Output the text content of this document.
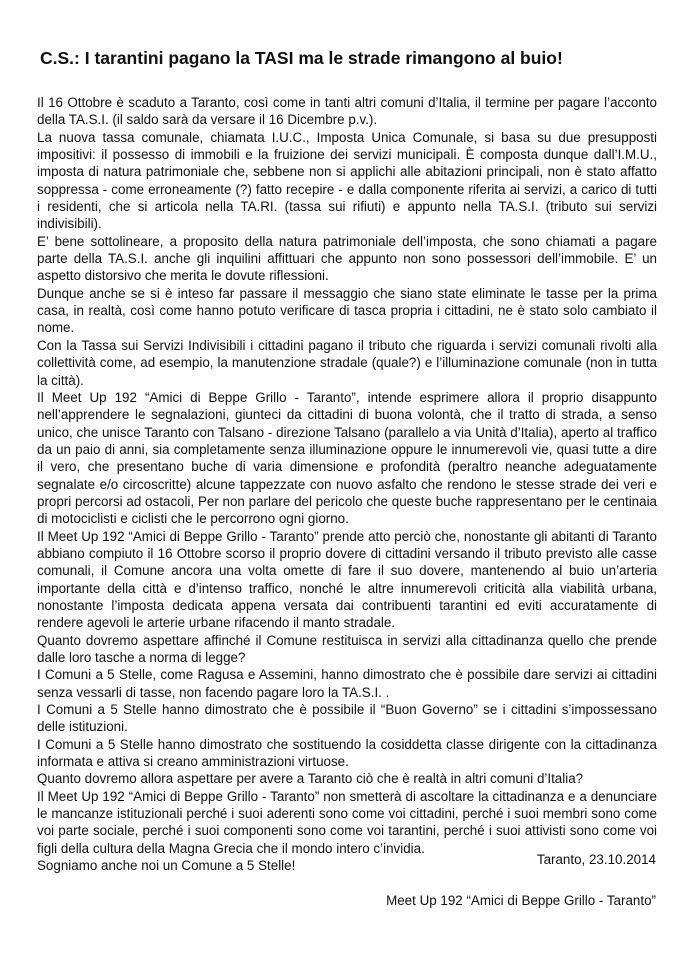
C.S.: I tarantini pagano la TASI ma le strade rimangono al buio!

Il 16 Ottobre è scaduto a Taranto, così come in tanti altri comuni d’Italia, il termine per pagare l’acconto della TA.S.I. (il saldo sarà da versare il 16 Dicembre p.v.).

La nuova tassa comunale, chiamata I.U.C., Imposta Unica Comunale, si basa su due presupposti impositivi: il possesso di immobili e la fruizione dei servizi municipali. È composta dunque dall’I.M.U., imposta di natura patrimoniale che, sebbene non si applichi alle abitazioni principali, non è stato affatto soppressa - come erroneamente (?) fatto recepire - e dalla componente riferita ai servizi, a carico di tutti i residenti, che si articola nella TA.RI. (tassa sui rifiuti) e appunto nella TA.S.I. (tributo sui servizi indivisibili).

E’ bene sottolineare, a proposito della natura patrimoniale dell’imposta, che sono chiamati a pagare parte della TA.S.I. anche gli inquilini affittuari che appunto non sono possessori dell’immobile. E’ un aspetto distorsivo che merita le dovute riflessioni.

Dunque anche se si è inteso far passare il messaggio che siano state eliminate le tasse per la prima casa, in realtà, così come hanno potuto verificare di tasca propria i cittadini, ne è stato solo cambiato il nome.

Con la Tassa sui Servizi Indivisibili i cittadini pagano il tributo che riguarda i servizi comunali rivolti alla collettività come, ad esempio, la manutenzione stradale (quale?) e l’illuminazione comunale (non in tutta la città).

Il Meet Up 192 “Amici di Beppe Grillo - Taranto”, intende esprimere allora il proprio disappunto nell’apprendere le segnalazioni, giunteci da cittadini di buona volontà, che il tratto di strada, a senso unico, che unisce Taranto con Talsano - direzione Talsano (parallelo a via Unità d’Italia), aperto al traffico da un paio di anni, sia completamente senza illuminazione oppure le innumerevoli vie, quasi tutte a dire il vero, che presentano buche di varia dimensione e profondità (peraltro neanche adeguatamente segnalate e/o circoscritte) alcune tappezzate con nuovo asfalto che rendono le stesse strade dei veri e propri percorsi ad ostacoli, Per non parlare del pericolo che queste buche rappresentano per le centinaia di motociclisti e ciclisti che le percorrono ogni giorno.

Il Meet Up 192 “Amici di Beppe Grillo - Taranto” prende atto perciò che, nonostante gli abitanti di Taranto abbiano compiuto il 16 Ottobre scorso il proprio dovere di cittadini versando il tributo previsto alle casse comunali, il Comune ancora una volta omette di fare il suo dovere, mantenendo al buio un’arteria importante della città e d’intenso traffico, nonché le altre innumerevoli criticità alla viabilità urbana, nonostante l’imposta dedicata appena versata dai contribuenti tarantini ed eviti accuratamente di rendere agevoli le arterie urbane rifacendo il manto stradale.

Quanto dovremo aspettare affinché il Comune restituisca in servizi alla cittadinanza quello che prende dalle loro tasche a norma di legge?

I Comuni a 5 Stelle, come Ragusa e Assemini, hanno dimostrato che è possibile dare servizi ai cittadini senza vessarli di tasse, non facendo pagare loro la TA.S.I. .

I Comuni a 5 Stelle hanno dimostrato che è possibile il “Buon Governo” se i cittadini s’impossessano delle istituzioni.

I Comuni a 5 Stelle hanno dimostrato che sostituendo la cosiddetta classe dirigente con la cittadinanza informata e attiva si creano amministrazioni virtuose.

Quanto dovremo allora aspettare per avere a Taranto ciò che è realtà in altri comuni d’Italia?

Il Meet Up 192 “Amici di Beppe Grillo - Taranto” non smetterà di ascoltare la cittadinanza e a denunciare le mancanze istituzionali perché i suoi aderenti sono come voi cittadini, perché i suoi membri sono come voi parte sociale, perché i suoi componenti sono come voi tarantini, perché i suoi attivisti sono come voi figli della cultura della Magna Grecia che il mondo intero c’invidia.

Sogniamo anche noi un Comune a 5 Stelle!	Taranto, 23.10.2014

Meet Up 192 “Amici di Beppe Grillo - Taranto”
